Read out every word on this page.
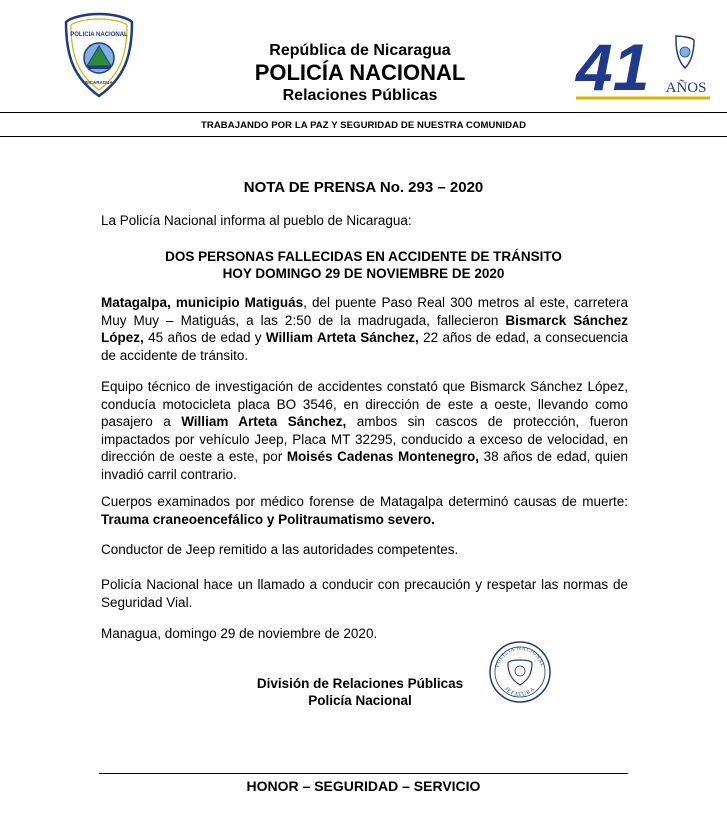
POLICIA NACIONAL
NICARAGUA
República de Nicaragua
POLICÍA NACIONAL
Relaciones Públicas	41 AÑOS
TRABAJANDO POR LA PAZ Y SEGURIDAD DE NUESTRA COMUNIDAD
NOTA DE PRENSA No. 293 – 2020
La Policía Nacional informa al pueblo de Nicaragua:
DOS PERSONAS FALLECIDAS EN ACCIDENTE DE TRÁNSITO
HOY DOMINGO 29 DE NOVIEMBRE DE 2020
Matagalpa, municipio Matiguás, del puente Paso Real 300 metros al este, carretera Muy Muy – Matiguás, a las 2:50 de la madrugada, fallecieron Bismarck Sánchez López, 45 años de edad y William Arteta Sánchez, 22 años de edad, a consecuencia de accidente de tránsito.
Equipo técnico de investigación de accidentes constató que Bismarck Sánchez López, conducía motocicleta placa BO 3546, en dirección de este a oeste, llevando como pasajero a William Arteta Sánchez, ambos sin cascos de protección, fueron impactados por vehículo Jeep, Placa MT 32295, conducido a exceso de velocidad, en dirección de oeste a este, por Moisés Cadenas Montenegro, 38 años de edad, quien invadió carril contrario.
Cuerpos examinados por médico forense de Matagalpa determinó causas de muerte: Trauma craneoencefálico y Politraumatismo severo.
Conductor de Jeep remitido a las autoridades competentes.
Policía Nacional hace un llamado a conducir con precaución y respetar las normas de Seguridad Vial.
Managua, domingo 29 de noviembre de 2020.
División de Relaciones Públicas
Policía Nacional
POLICIA NACIONAL
JEFATURA
HONOR – SEGURIDAD – SERVICIO
